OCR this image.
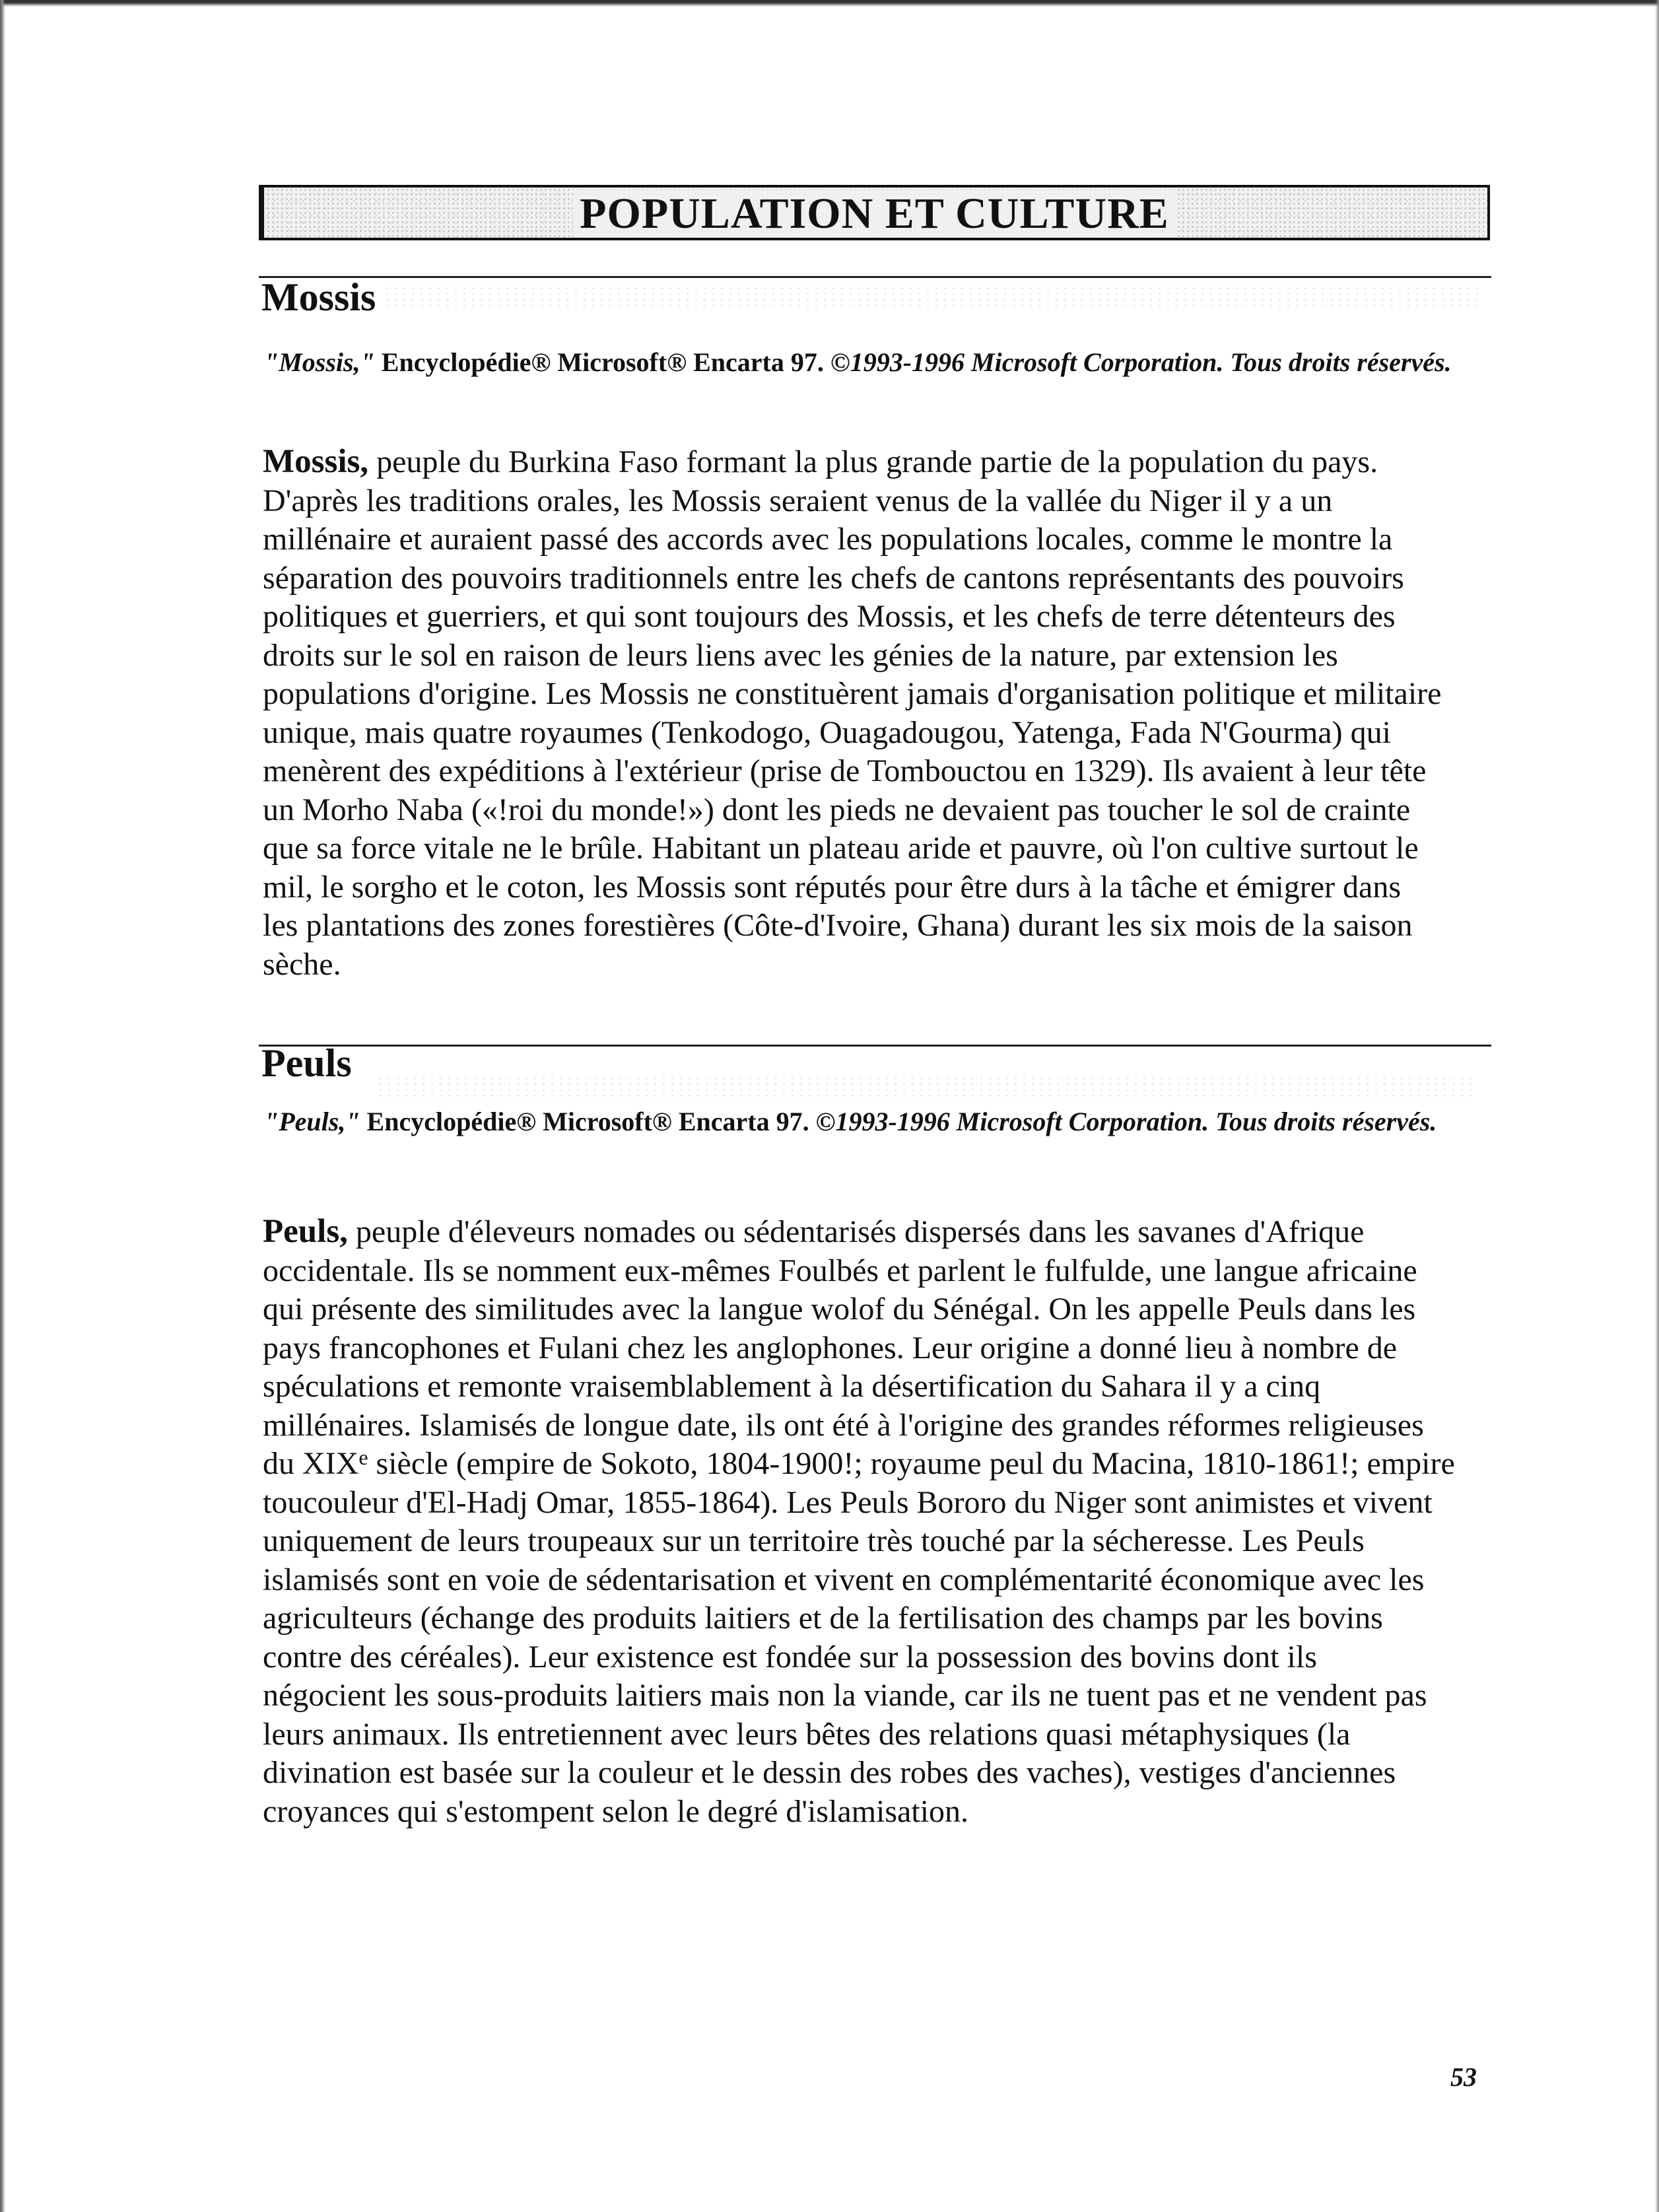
POPULATION ET CULTURE
Mossis
"Mossis," Encyclopédie® Microsoft® Encarta 97. ©1993-1996 Microsoft Corporation. Tous droits réservés.
Mossis, peuple du Burkina Faso formant la plus grande partie de la population du pays.
D'après les traditions orales, les Mossis seraient venus de la vallée du Niger il y a un
millénaire et auraient passé des accords avec les populations locales, comme le montre la
séparation des pouvoirs traditionnels entre les chefs de cantons représentants des pouvoirs
politiques et guerriers, et qui sont toujours des Mossis, et les chefs de terre détenteurs des
droits sur le sol en raison de leurs liens avec les génies de la nature, par extension les
populations d'origine. Les Mossis ne constituèrent jamais d'organisation politique et militaire
unique, mais quatre royaumes (Tenkodogo, Ouagadougou, Yatenga, Fada N'Gourma) qui
menèrent des expéditions à l'extérieur (prise de Tombouctou en 1329). Ils avaient à leur tête
un Morho Naba («!roi du monde!») dont les pieds ne devaient pas toucher le sol de crainte
que sa force vitale ne le brûle. Habitant un plateau aride et pauvre, où l'on cultive surtout le
mil, le sorgho et le coton, les Mossis sont réputés pour être durs à la tâche et émigrer dans
les plantations des zones forestières (Côte-d'Ivoire, Ghana) durant les six mois de la saison
sèche.
Peuls
"Peuls," Encyclopédie® Microsoft® Encarta 97. ©1993-1996 Microsoft Corporation. Tous droits réservés.
Peuls, peuple d'éleveurs nomades ou sédentarisés dispersés dans les savanes d'Afrique
occidentale. Ils se nomment eux-mêmes Foulbés et parlent le fulfulde, une langue africaine
qui présente des similitudes avec la langue wolof du Sénégal. On les appelle Peuls dans les
pays francophones et Fulani chez les anglophones. Leur origine a donné lieu à nombre de
spéculations et remonte vraisemblablement à la désertification du Sahara il y a cinq
millénaires. Islamisés de longue date, ils ont été à l'origine des grandes réformes religieuses
du XIXe siècle (empire de Sokoto, 1804-1900!; royaume peul du Macina, 1810-1861!; empire
toucouleur d'El-Hadj Omar, 1855-1864). Les Peuls Bororo du Niger sont animistes et vivent
uniquement de leurs troupeaux sur un territoire très touché par la sécheresse. Les Peuls
islamisés sont en voie de sédentarisation et vivent en complémentarité économique avec les
agriculteurs (échange des produits laitiers et de la fertilisation des champs par les bovins
contre des céréales). Leur existence est fondée sur la possession des bovins dont ils
négocient les sous-produits laitiers mais non la viande, car ils ne tuent pas et ne vendent pas
leurs animaux. Ils entretiennent avec leurs bêtes des relations quasi métaphysiques (la
divination est basée sur la couleur et le dessin des robes des vaches), vestiges d'anciennes
croyances qui s'estompent selon le degré d'islamisation.
53
